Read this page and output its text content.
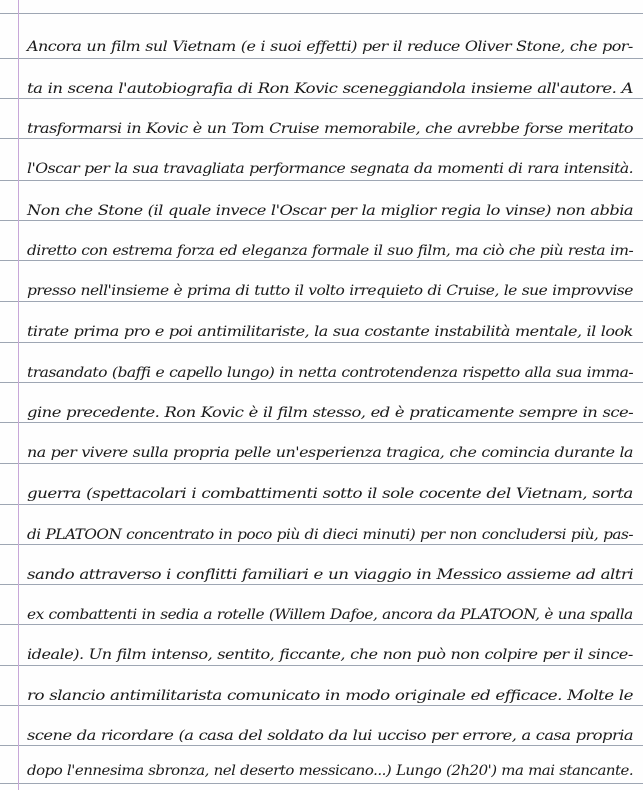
Ancora un film sul Vietnam (e i suoi effetti) per il reduce Oliver Stone, che por-
ta in scena l'autobiografia di Ron Kovic sceneggiandola insieme all'autore. A
trasformarsi in Kovic è un Tom Cruise memorabile, che avrebbe forse meritato
l'Oscar per la sua travagliata performance segnata da momenti di rara intensità.
Non che Stone (il quale invece l'Oscar per la miglior regia lo vinse) non abbia
diretto con estrema forza ed eleganza formale il suo film, ma ciò che più resta im-
presso nell'insieme è prima di tutto il volto irrequieto di Cruise, le sue improvvise
tirate prima pro e poi antimilitariste, la sua costante instabilità mentale, il look
trasandato (baffi e capello lungo) in netta controtendenza rispetto alla sua imma-
gine precedente. Ron Kovic è il film stesso, ed è praticamente sempre in sce-
na per vivere sulla propria pelle un'esperienza tragica, che comincia durante la
guerra (spettacolari i combattimenti sotto il sole cocente del Vietnam, sorta
di PLATOON concentrato in poco più di dieci minuti) per non concludersi più, pas-
sando attraverso i conflitti familiari e un viaggio in Messico assieme ad altri
ex combattenti in sedia a rotelle (Willem Dafoe, ancora da PLATOON, è una spalla
ideale). Un film intenso, sentito, ficcante, che non può non colpire per il since-
ro slancio antimilitarista comunicato in modo originale ed efficace. Molte le
scene da ricordare (a casa del soldato da lui ucciso per errore, a casa propria
dopo l'ennesima sbronza, nel deserto messicano...) Lungo (2h20') ma mai stancante.
